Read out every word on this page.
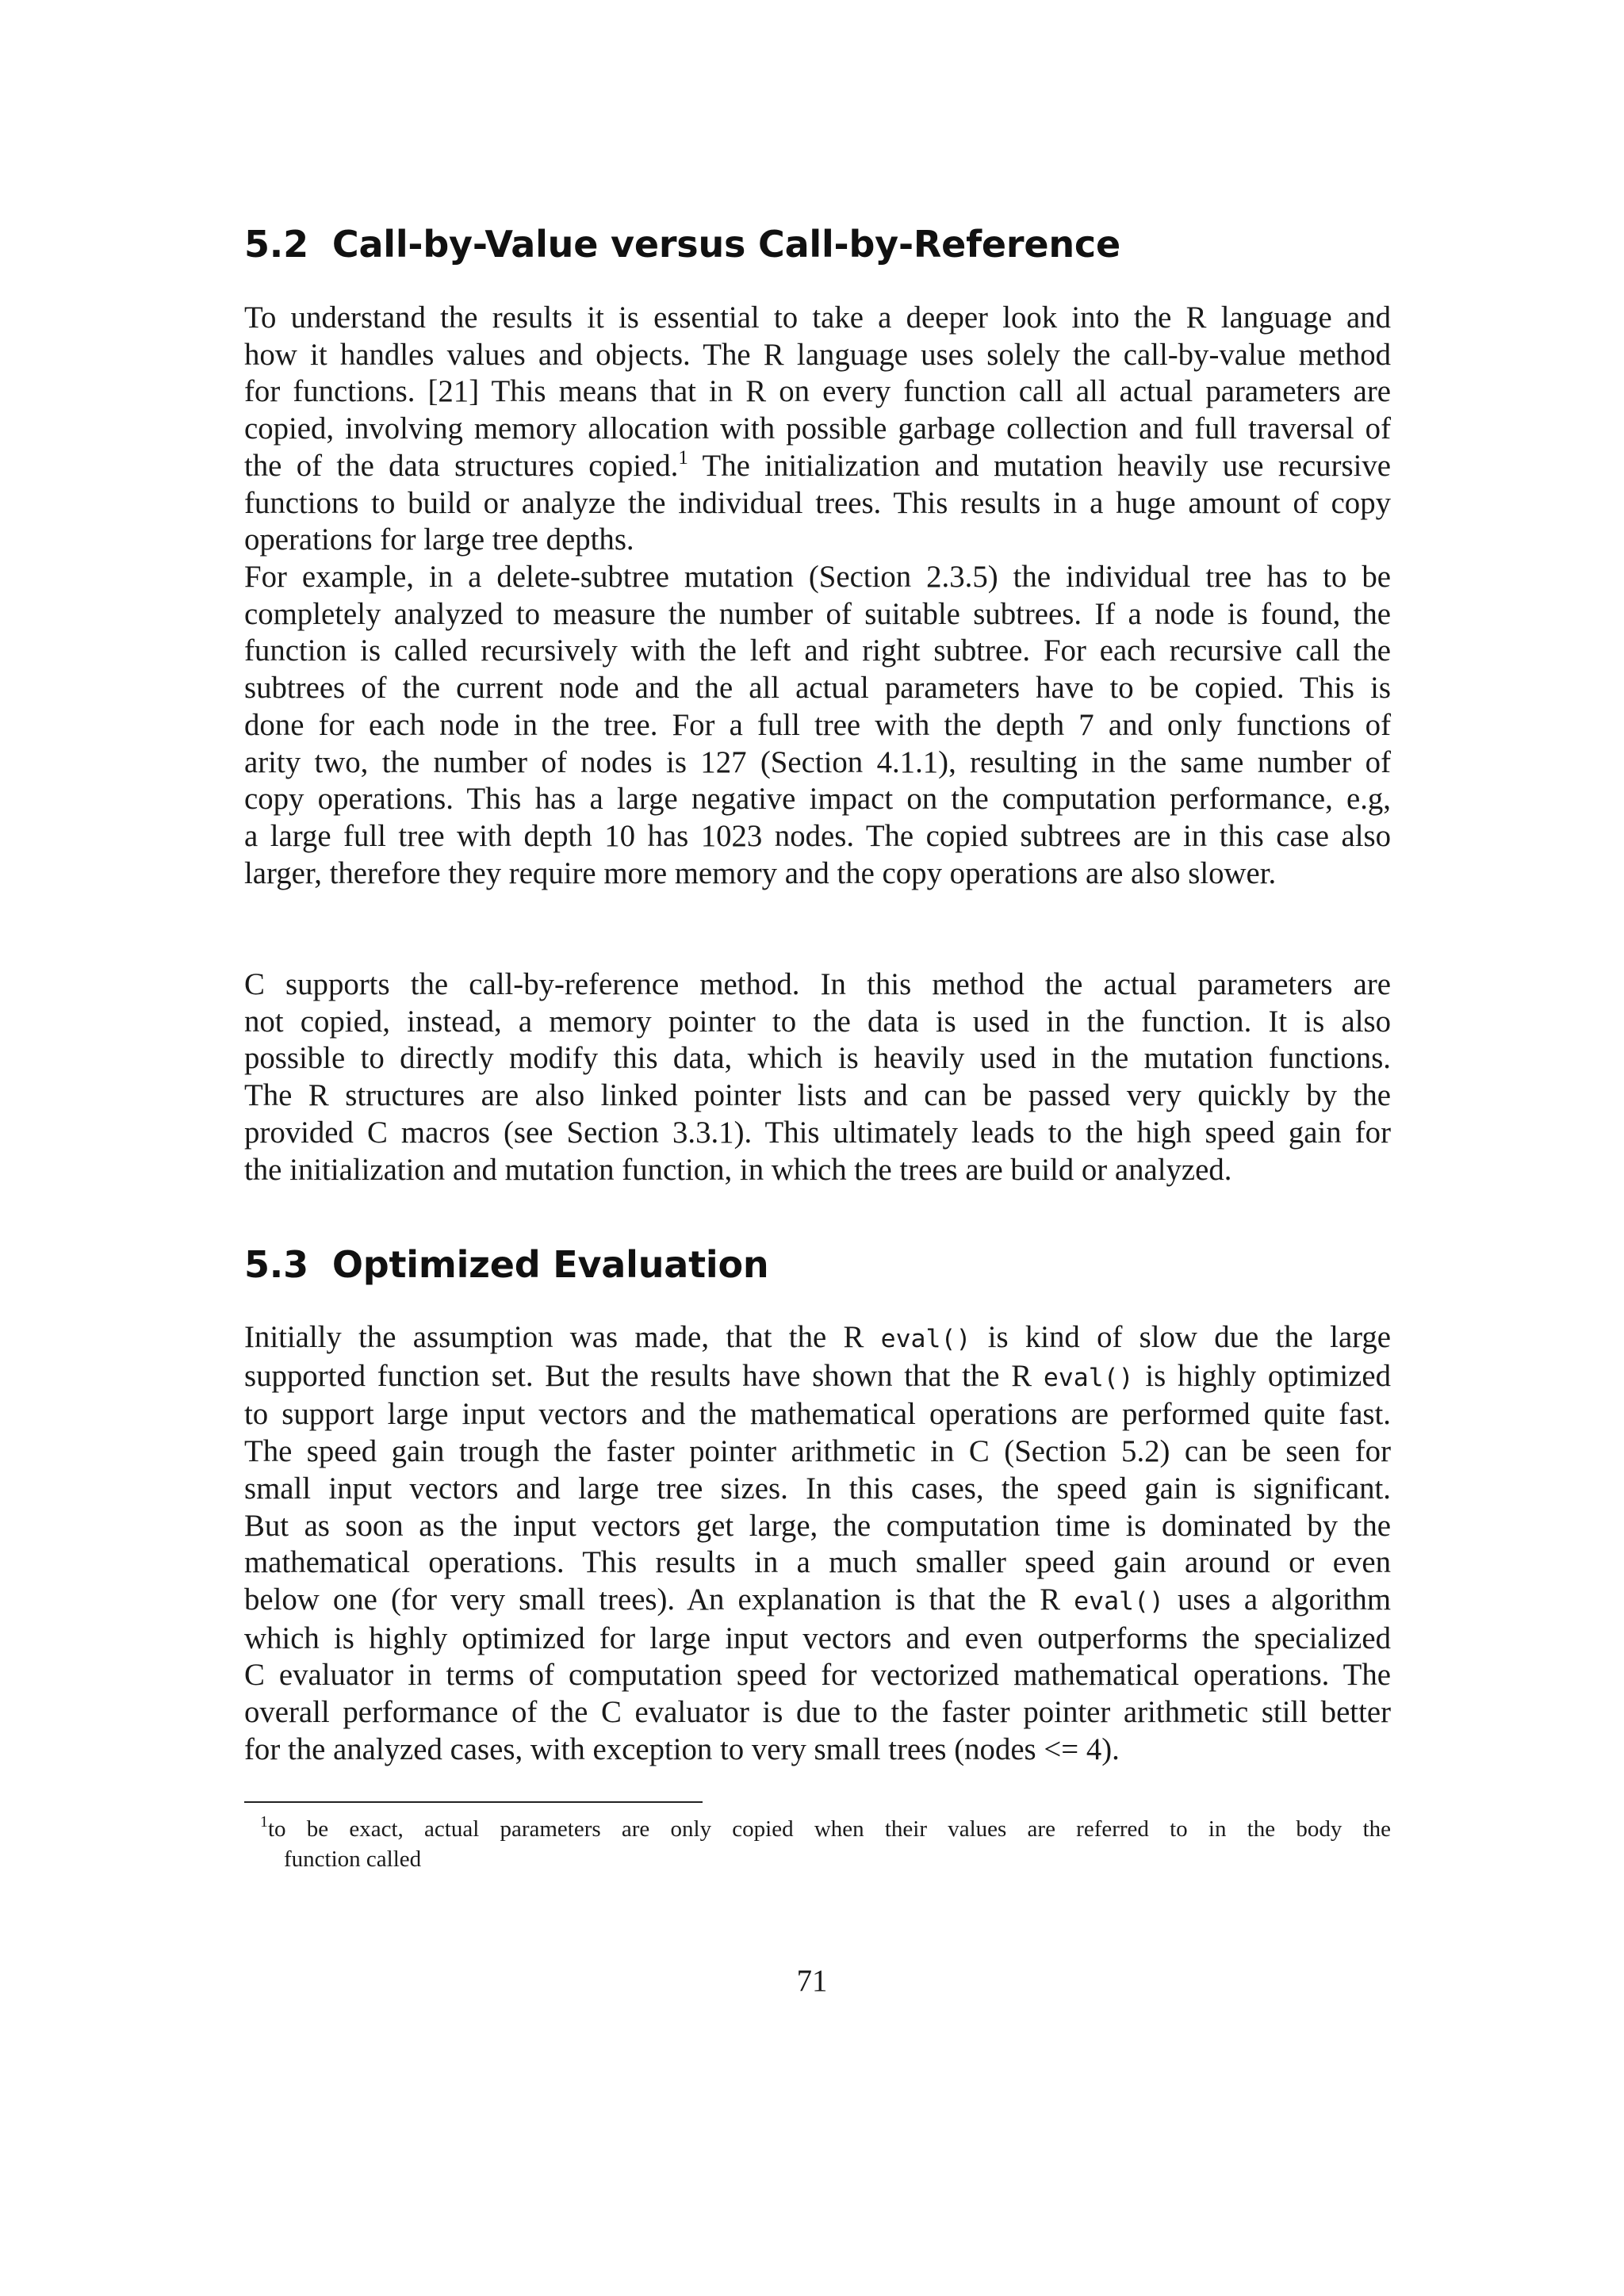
5.2 Call-by-Value versus Call-by-Reference
To understand the results it is essential to take a deeper look into the R language and
how it handles values and objects. The R language uses solely the call-by-value method
for functions. [21] This means that in R on every function call all actual parameters are
copied, involving memory allocation with possible garbage collection and full traversal of
the of the data structures copied.$^1$ The initialization and mutation heavily use recursive
functions to build or analyze the individual trees. This results in a huge amount of copy
operations for large tree depths.
For example, in a delete-subtree mutation (Section 2.3.5) the individual tree has to be
completely analyzed to measure the number of suitable subtrees. If a node is found, the
function is called recursively with the left and right subtree. For each recursive call the
subtrees of the current node and the all actual parameters have to be copied. This is
done for each node in the tree. For a full tree with the depth 7 and only functions of
arity two, the number of nodes is 127 (Section 4.1.1), resulting in the same number of
copy operations. This has a large negative impact on the computation performance, e.g,
a large full tree with depth 10 has 1023 nodes. The copied subtrees are in this case also
larger, therefore they require more memory and the copy operations are also slower.
C supports the call-by-reference method. In this method the actual parameters are
not copied, instead, a memory pointer to the data is used in the function. It is also
possible to directly modify this data, which is heavily used in the mutation functions.
The R structures are also linked pointer lists and can be passed very quickly by the
provided C macros (see Section 3.3.1). This ultimately leads to the high speed gain for
the initialization and mutation function, in which the trees are build or analyzed.
5.3 Optimized Evaluation
Initially the assumption was made, that the R eval() is kind of slow due the large
supported function set. But the results have shown that the R eval() is highly optimized
to support large input vectors and the mathematical operations are performed quite fast.
The speed gain trough the faster pointer arithmetic in C (Section 5.2) can be seen for
small input vectors and large tree sizes. In this cases, the speed gain is significant.
But as soon as the input vectors get large, the computation time is dominated by the
mathematical operations. This results in a much smaller speed gain around or even
below one (for very small trees). An explanation is that the R eval() uses a algorithm
which is highly optimized for large input vectors and even outperforms the specialized
C evaluator in terms of computation speed for vectorized mathematical operations. The
overall performance of the C evaluator is due to the faster pointer arithmetic still better
for the analyzed cases, with exception to very small trees (nodes <= 4).
$^1$to be exact, actual parameters are only copied when their values are referred to in the body the
function called
71
